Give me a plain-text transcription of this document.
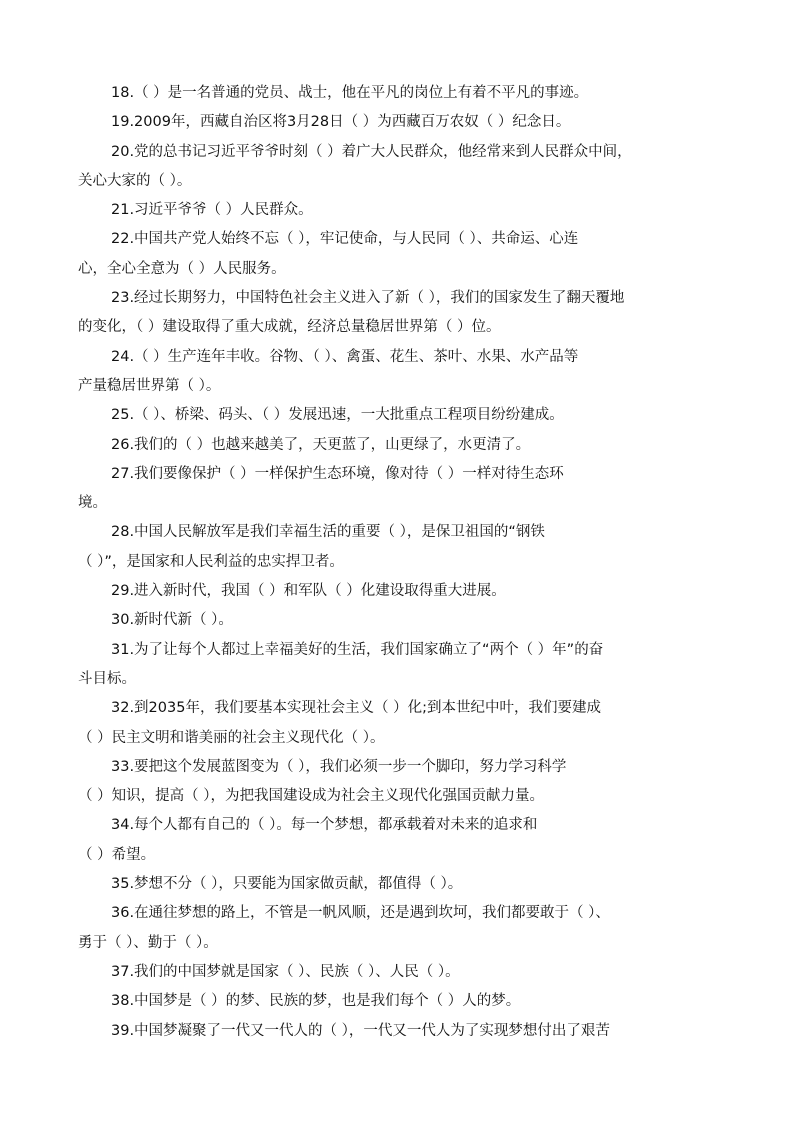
18.（ ）是一名普通的党员、战士，他在平凡的岗位上有着不平凡的事迹。
19.2009年，西藏自治区将3月28日（ ）为西藏百万农奴（ ）纪念日。
20.党的总书记习近平爷爷时刻（ ）着广大人民群众，他经常来到人民群众中间，
关心大家的（ ）。
21.习近平爷爷（ ）人民群众。
22.中国共产党人始终不忘（ ），牢记使命，与人民同（ ）、共命运、心连
心，全心全意为（ ）人民服务。
23.经过长期努力，中国特色社会主义进入了新（ ），我们的国家发生了翻天覆地
的变化，（ ）建设取得了重大成就，经济总量稳居世界第（ ）位。
24.（ ）生产连年丰收。谷物、（ ）、禽蛋、花生、茶叶、水果、水产品等
产量稳居世界第（ ）。
25.（ ）、桥梁、码头、（ ）发展迅速，一大批重点工程项目纷纷建成。
26.我们的（ ）也越来越美了，天更蓝了，山更绿了，水更清了。
27.我们要像保护（ ）一样保护生态环境，像对待（ ）一样对待生态环
境。
28.中国人民解放军是我们幸福生活的重要（ ），是保卫祖国的“钢铁
（ ）”，是国家和人民利益的忠实捍卫者。
29.进入新时代，我国（ ）和军队（ ）化建设取得重大进展。
30.新时代新（ ）。
31.为了让每个人都过上幸福美好的生活，我们国家确立了“两个（ ）年”的奋
斗目标。
32.到2035年，我们要基本实现社会主义（ ）化;到本世纪中叶，我们要建成
（ ）民主文明和谐美丽的社会主义现代化（ ）。
33.要把这个发展蓝图变为（ ），我们必须一步一个脚印，努力学习科学
（ ）知识，提高（ ），为把我国建设成为社会主义现代化强国贡献力量。
34.每个人都有自己的（ ）。每一个梦想，都承载着对未来的追求和
（ ）希望。
35.梦想不分（ ），只要能为国家做贡献，都值得（ ）。
36.在通往梦想的路上，不管是一帆风顺，还是遇到坎坷，我们都要敢于（ ）、
勇于（ ）、勤于（ ）。
37.我们的中国梦就是国家（ ）、民族（ ）、人民（ ）。
38.中国梦是（ ）的梦、民族的梦，也是我们每个（ ）人的梦。
39.中国梦凝聚了一代又一代人的（ ），一代又一代人为了实现梦想付出了艰苦
